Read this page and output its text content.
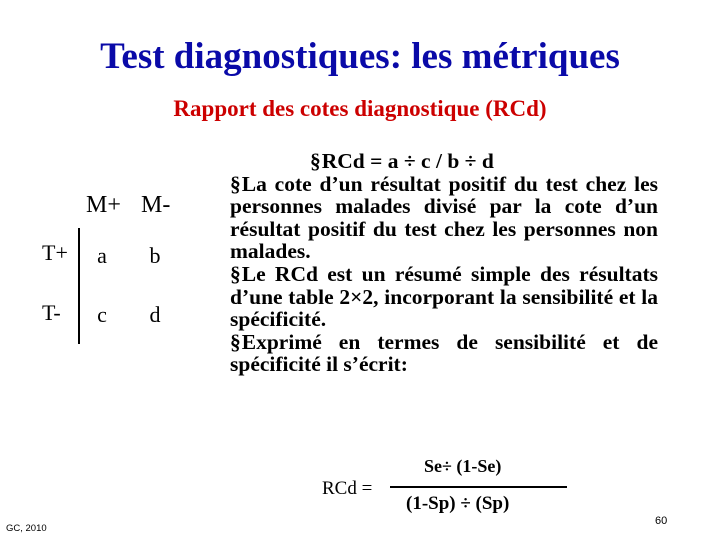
Test diagnostiques: les métriques
Rapport des cotes diagnostique (RCd)
M+ M-
T+
T-
a	b
c	d
§RCd = a ÷ c / b ÷ d
§La cote d’un résultat positif du test chez les personnes malades divisé par la cote d’un résultat positif du test chez les personnes non malades.
§Le RCd est un résumé simple des résultats d’une table 2×2, incorporant la sensibilité et la spécificité.
§Exprimé en termes de sensibilité et de spécificité il s’écrit:
RCd =
Se÷ (1-Se)
(1-Sp) ÷ (Sp)
GC, 2010
60
